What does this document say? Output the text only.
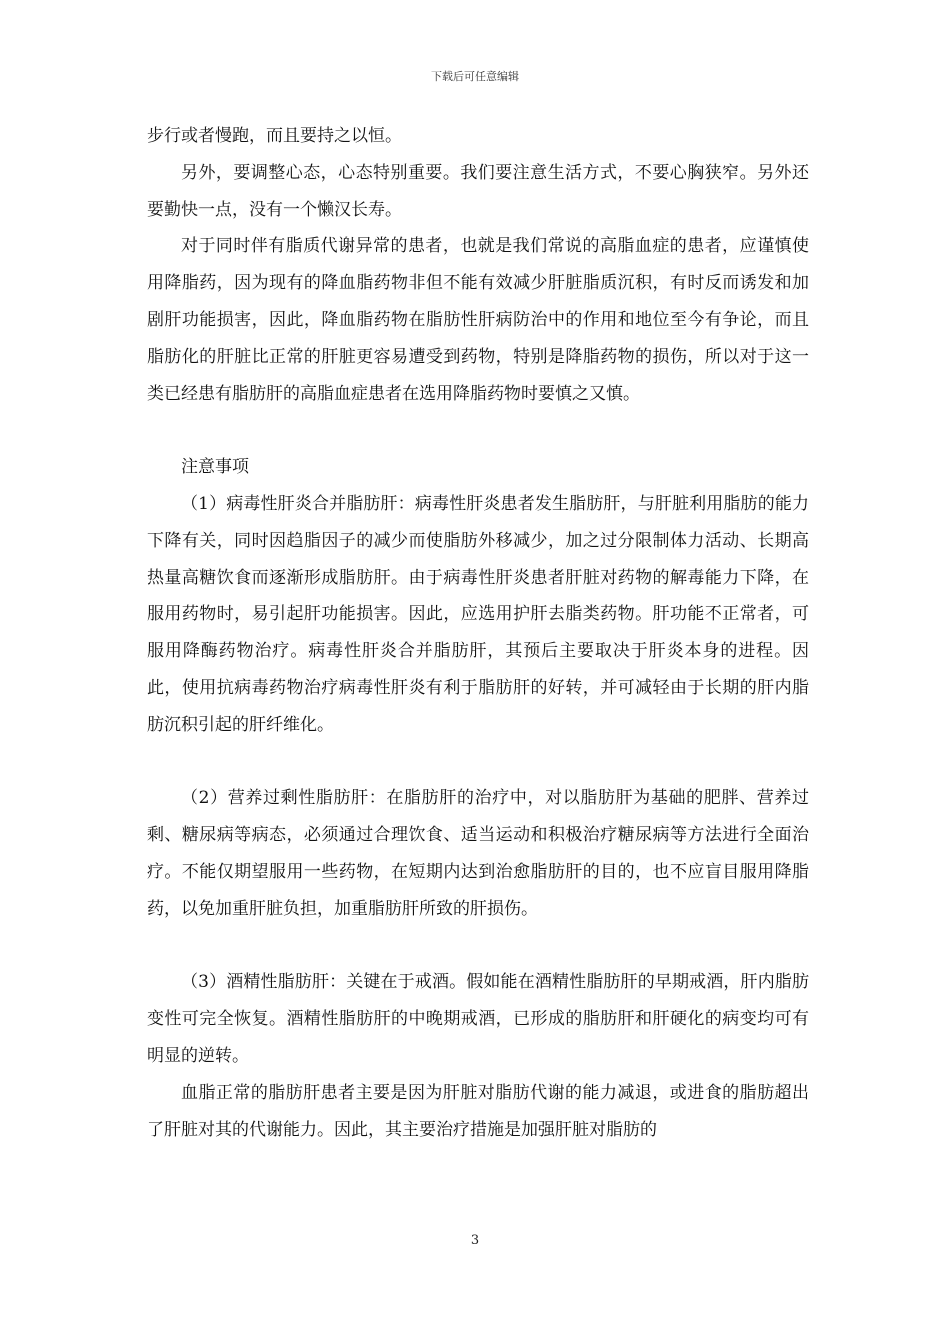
下载后可任意编辑

步行或者慢跑，而且要持之以恒。

另外，要调整心态，心态特别重要。我们要注意生活方式，不要心胸狭窄。另外还要勤快一点，没有一个懒汉长寿。

对于同时伴有脂质代谢异常的患者，也就是我们常说的高脂血症的患者，应谨慎使用降脂药，因为现有的降血脂药物非但不能有效减少肝脏脂质沉积，有时反而诱发和加剧肝功能损害，因此，降血脂药物在脂肪性肝病防治中的作用和地位至今有争论，而且脂肪化的肝脏比正常的肝脏更容易遭受到药物，特别是降脂药物的损伤，所以对于这一类已经患有脂肪肝的高脂血症患者在选用降脂药物时要慎之又慎。

注意事项

（1）病毒性肝炎合并脂肪肝：病毒性肝炎患者发生脂肪肝，与肝脏利用脂肪的能力下降有关，同时因趋脂因子的减少而使脂肪外移减少，加之过分限制体力活动、长期高热量高糖饮食而逐渐形成脂肪肝。由于病毒性肝炎患者肝脏对药物的解毒能力下降，在服用药物时，易引起肝功能损害。因此，应选用护肝去脂类药物。肝功能不正常者，可服用降酶药物治疗。病毒性肝炎合并脂肪肝，其预后主要取决于肝炎本身的进程。因此，使用抗病毒药物治疗病毒性肝炎有利于脂肪肝的好转，并可减轻由于长期的肝内脂肪沉积引起的肝纤维化。

（2）营养过剩性脂肪肝：在脂肪肝的治疗中，对以脂肪肝为基础的肥胖、营养过剩、糖尿病等病态，必须通过合理饮食、适当运动和积极治疗糖尿病等方法进行全面治疗。不能仅期望服用一些药物，在短期内达到治愈脂肪肝的目的，也不应盲目服用降脂药，以免加重肝脏负担，加重脂肪肝所致的肝损伤。

（3）酒精性脂肪肝：关键在于戒酒。假如能在酒精性脂肪肝的早期戒酒，肝内脂肪变性可完全恢复。酒精性脂肪肝的中晚期戒酒，已形成的脂肪肝和肝硬化的病变均可有明显的逆转。

血脂正常的脂肪肝患者主要是因为肝脏对脂肪代谢的能力减退，或进食的脂肪超出了肝脏对其的代谢能力。因此，其主要治疗措施是加强肝脏对脂肪的

3
